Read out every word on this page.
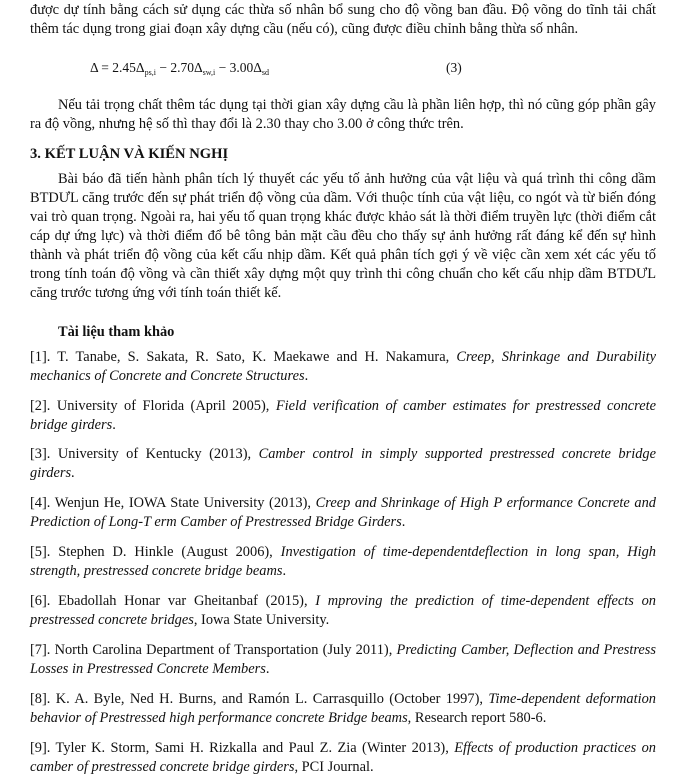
được dự tính bằng cách sử dụng các thừa số nhân bổ sung cho độ vồng ban đầu. Độ võng do tĩnh tải chất thêm tác dụng trong giai đoạn xây dựng cầu (nếu có), cũng được điều chỉnh bằng thừa số nhân.

$\Delta = 2.45\Delta_{ps,i} - 2.70\Delta_{sw,i} - 3.00\Delta_{sd}$	(3)

Nếu tải trọng chất thêm tác dụng tại thời gian xây dựng cầu là phần liên hợp, thì nó cũng góp phần gây ra độ vồng, nhưng hệ số thì thay đổi là 2.30 thay cho 3.00 ở công thức trên.

3. KẾT LUẬN VÀ KIẾN NGHỊ

Bài báo đã tiến hành phân tích lý thuyết các yếu tố ảnh hưởng của vật liệu và quá trình thi công dầm BTDƯL căng trước đến sự phát triển độ vồng của dầm. Với thuộc tính của vật liệu, co ngót và từ biến đóng vai trò quan trọng. Ngoài ra, hai yếu tố quan trọng khác được khảo sát là thời điểm truyền lực (thời điểm cắt cáp dự ứng lực) và thời điểm đổ bê tông bản mặt cầu đều cho thấy sự ảnh hưởng rất đáng kể đến sự hình thành và phát triển độ vồng của kết cấu nhịp dầm. Kết quả phân tích gợi ý về việc cần xem xét các yếu tố trong tính toán độ vồng và cần thiết xây dựng một quy trình thi công chuẩn cho kết cấu nhịp dầm BTDƯL căng trước tương ứng với tính toán thiết kế.

Tài liệu tham khảo

[1]. T. Tanabe, S. Sakata, R. Sato, K. Maekawe and H. Nakamura, Creep, Shrinkage and Durability mechanics of Concrete and Concrete Structures.

[2]. University of Florida (April 2005), Field verification of camber estimates for prestressed concrete bridge girders.

[3]. University of Kentucky (2013), Camber control in simply supported prestressed concrete bridge girders.

[4]. Wenjun He, IOWA State University (2013), Creep and Shrinkage of High P erformance Concrete and Prediction of Long-T erm Camber of Prestressed Bridge Girders.

[5]. Stephen D. Hinkle (August 2006), Investigation of time-dependentdeflection in long span, High strength, prestressed concrete bridge beams.

[6]. Ebadollah Honar var Gheitanbaf (2015), I mproving the prediction of time-dependent effects on prestressed concrete bridges, Iowa State University.

[7]. North Carolina Department of Transportation (July 2011), Predicting Camber, Deflection and Prestress Losses in Prestressed Concrete Members.

[8]. K. A. Byle, Ned H. Burns, and Ramón L. Carrasquillo (October 1997), Time-dependent deformation behavior of Prestressed high performance concrete Bridge beams, Research report 580-6.

[9]. Tyler K. Storm, Sami H. Rizkalla and Paul Z. Zia (Winter 2013), Effects of production practices on camber of prestressed concrete bridge girders, PCI Journal.
